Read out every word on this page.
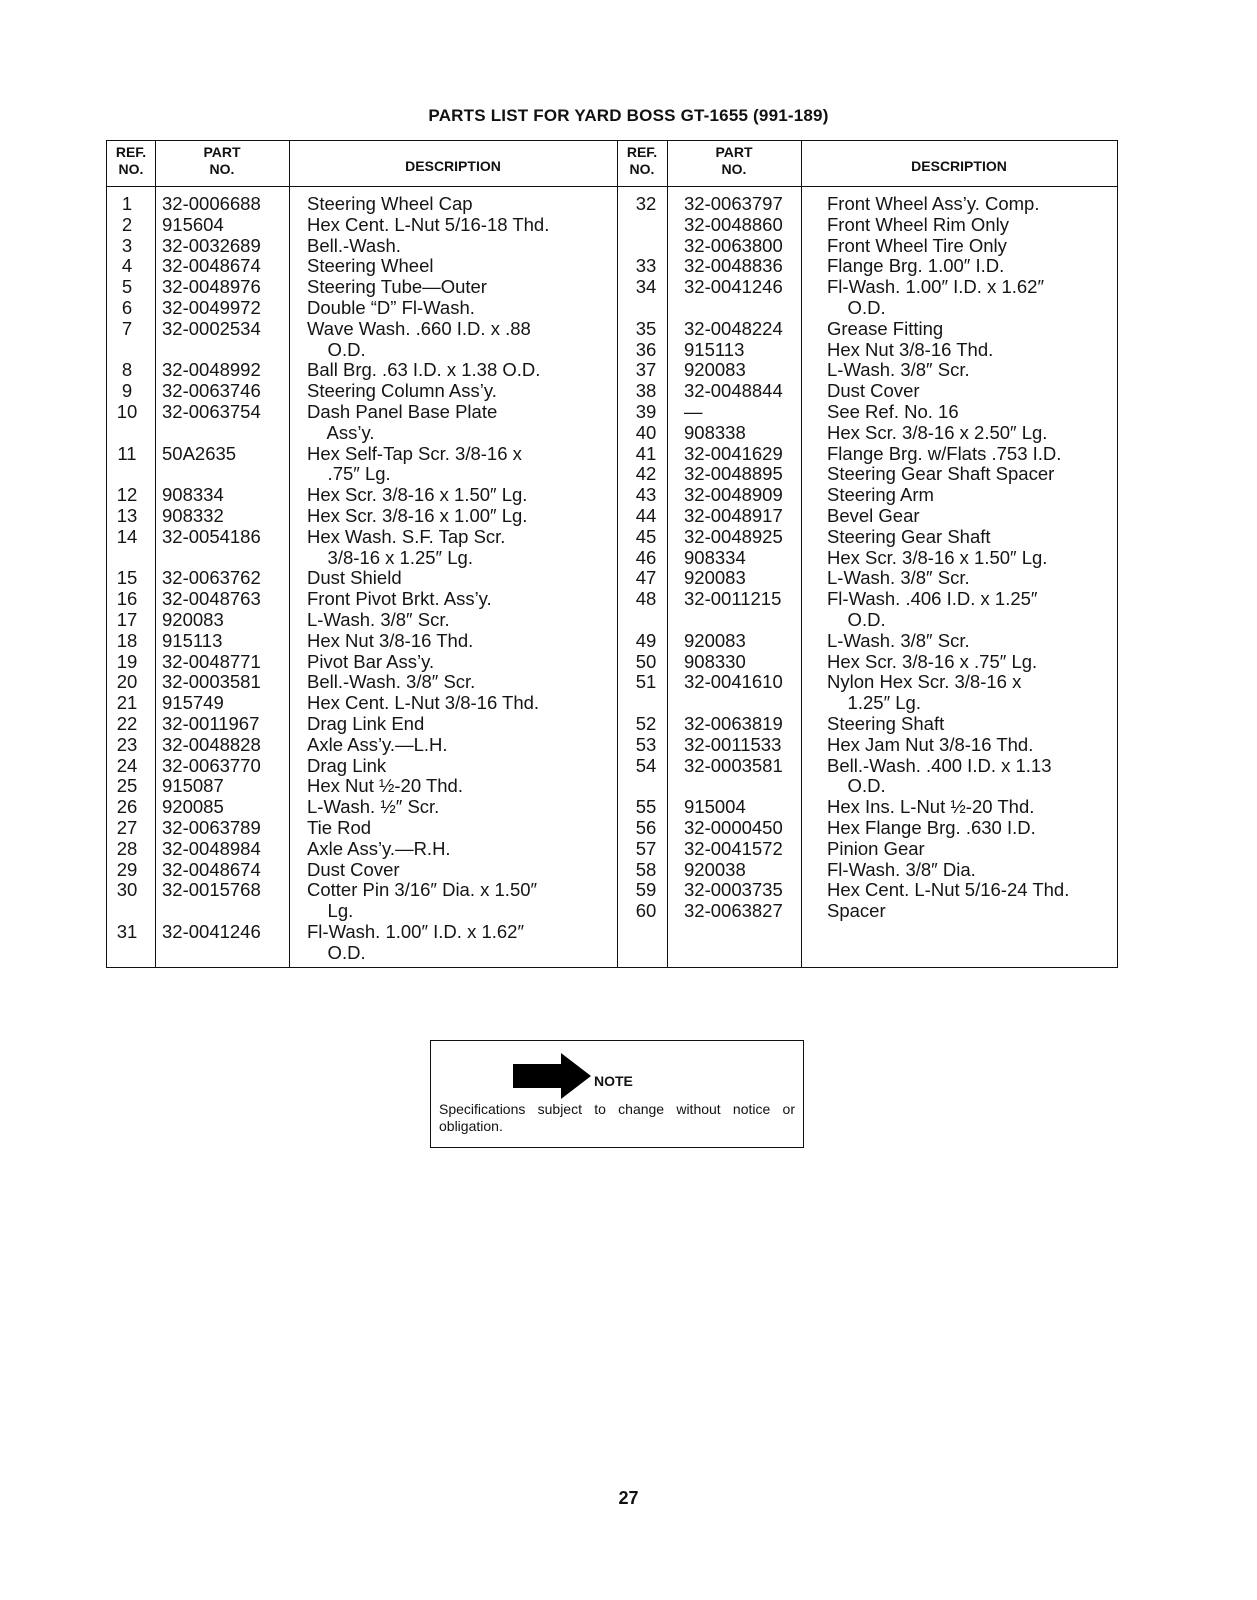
PARTS LIST FOR YARD BOSS GT-1655 (991-189)
REF.
NO.
PART
NO.	DESCRIPTION
REF.
NO.
PART
NO.	DESCRIPTION
1
2
3
4
5
6
7

8
9
10

11

12
13
14

15
16
17
18
19
20
21
22
23
24
25
26
27
28
29
30

31
32-0006688
915604
32-0032689
32-0048674
32-0048976
32-0049972
32-0002534

32-0048992
32-0063746
32-0063754

50A2635

908334
908332
32-0054186

32-0063762
32-0048763
920083
915113
32-0048771
32-0003581
915749
32-0011967
32-0048828
32-0063770
915087
920085
32-0063789
32-0048984
32-0048674
32-0015768

32-0041246
Steering Wheel Cap
Hex Cent. L-Nut 5/16-18 Thd.
Bell.-Wash.
Steering Wheel
Steering Tube—Outer
Double “D” Fl-Wash.
Wave Wash. .660 I.D. x .88
O.D.
Ball Brg. .63 I.D. x 1.38 O.D.
Steering Column Ass’y.
Dash Panel Base Plate
Ass’y.
Hex Self-Tap Scr. 3/8-16 x
.75″ Lg.
Hex Scr. 3/8-16 x 1.50″ Lg.
Hex Scr. 3/8-16 x 1.00″ Lg.
Hex Wash. S.F. Tap Scr.
3/8-16 x 1.25″ Lg.
Dust Shield
Front Pivot Brkt. Ass’y.
L-Wash. 3/8″ Scr.
Hex Nut 3/8-16 Thd.
Pivot Bar Ass’y.
Bell.-Wash. 3/8″ Scr.
Hex Cent. L-Nut 3/8-16 Thd.
Drag Link End
Axle Ass’y.—L.H.
Drag Link
Hex Nut ½-20 Thd.
L-Wash. ½″ Scr.
Tie Rod
Axle Ass’y.—R.H.
Dust Cover
Cotter Pin 3/16″ Dia. x 1.50″
Lg.
Fl-Wash. 1.00″ I.D. x 1.62″
O.D.
32

33
34

35
36
37
38
39
40
41
42
43
44
45
46
47
48

49
50
51

52
53
54

55
56
57
58
59
60
32-0063797
32-0048860
32-0063800
32-0048836
32-0041246

32-0048224
915113
920083
32-0048844
—
908338
32-0041629
32-0048895
32-0048909
32-0048917
32-0048925
908334
920083
32-0011215

920083
908330
32-0041610

32-0063819
32-0011533
32-0003581

915004
32-0000450
32-0041572
920038
32-0003735
32-0063827
Front Wheel Ass’y. Comp.
Front Wheel Rim Only
Front Wheel Tire Only
Flange Brg. 1.00″ I.D.
Fl-Wash. 1.00″ I.D. x 1.62″
O.D.
Grease Fitting
Hex Nut 3/8-16 Thd.
L-Wash. 3/8″ Scr.
Dust Cover
See Ref. No. 16
Hex Scr. 3/8-16 x 2.50″ Lg.
Flange Brg. w/Flats .753 I.D.
Steering Gear Shaft Spacer
Steering Arm
Bevel Gear
Steering Gear Shaft
Hex Scr. 3/8-16 x 1.50″ Lg.
L-Wash. 3/8″ Scr.
Fl-Wash. .406 I.D. x 1.25″
O.D.
L-Wash. 3/8″ Scr.
Hex Scr. 3/8-16 x .75″ Lg.
Nylon Hex Scr. 3/8-16 x
1.25″ Lg.
Steering Shaft
Hex Jam Nut 3/8-16 Thd.
Bell.-Wash. .400 I.D. x 1.13
O.D.
Hex Ins. L-Nut ½-20 Thd.
Hex Flange Brg. .630 I.D.
Pinion Gear
Fl-Wash. 3/8″ Dia.
Hex Cent. L-Nut 5/16-24 Thd.
Spacer
NOTE
Specifications subject to change without notice or obligation.
27
